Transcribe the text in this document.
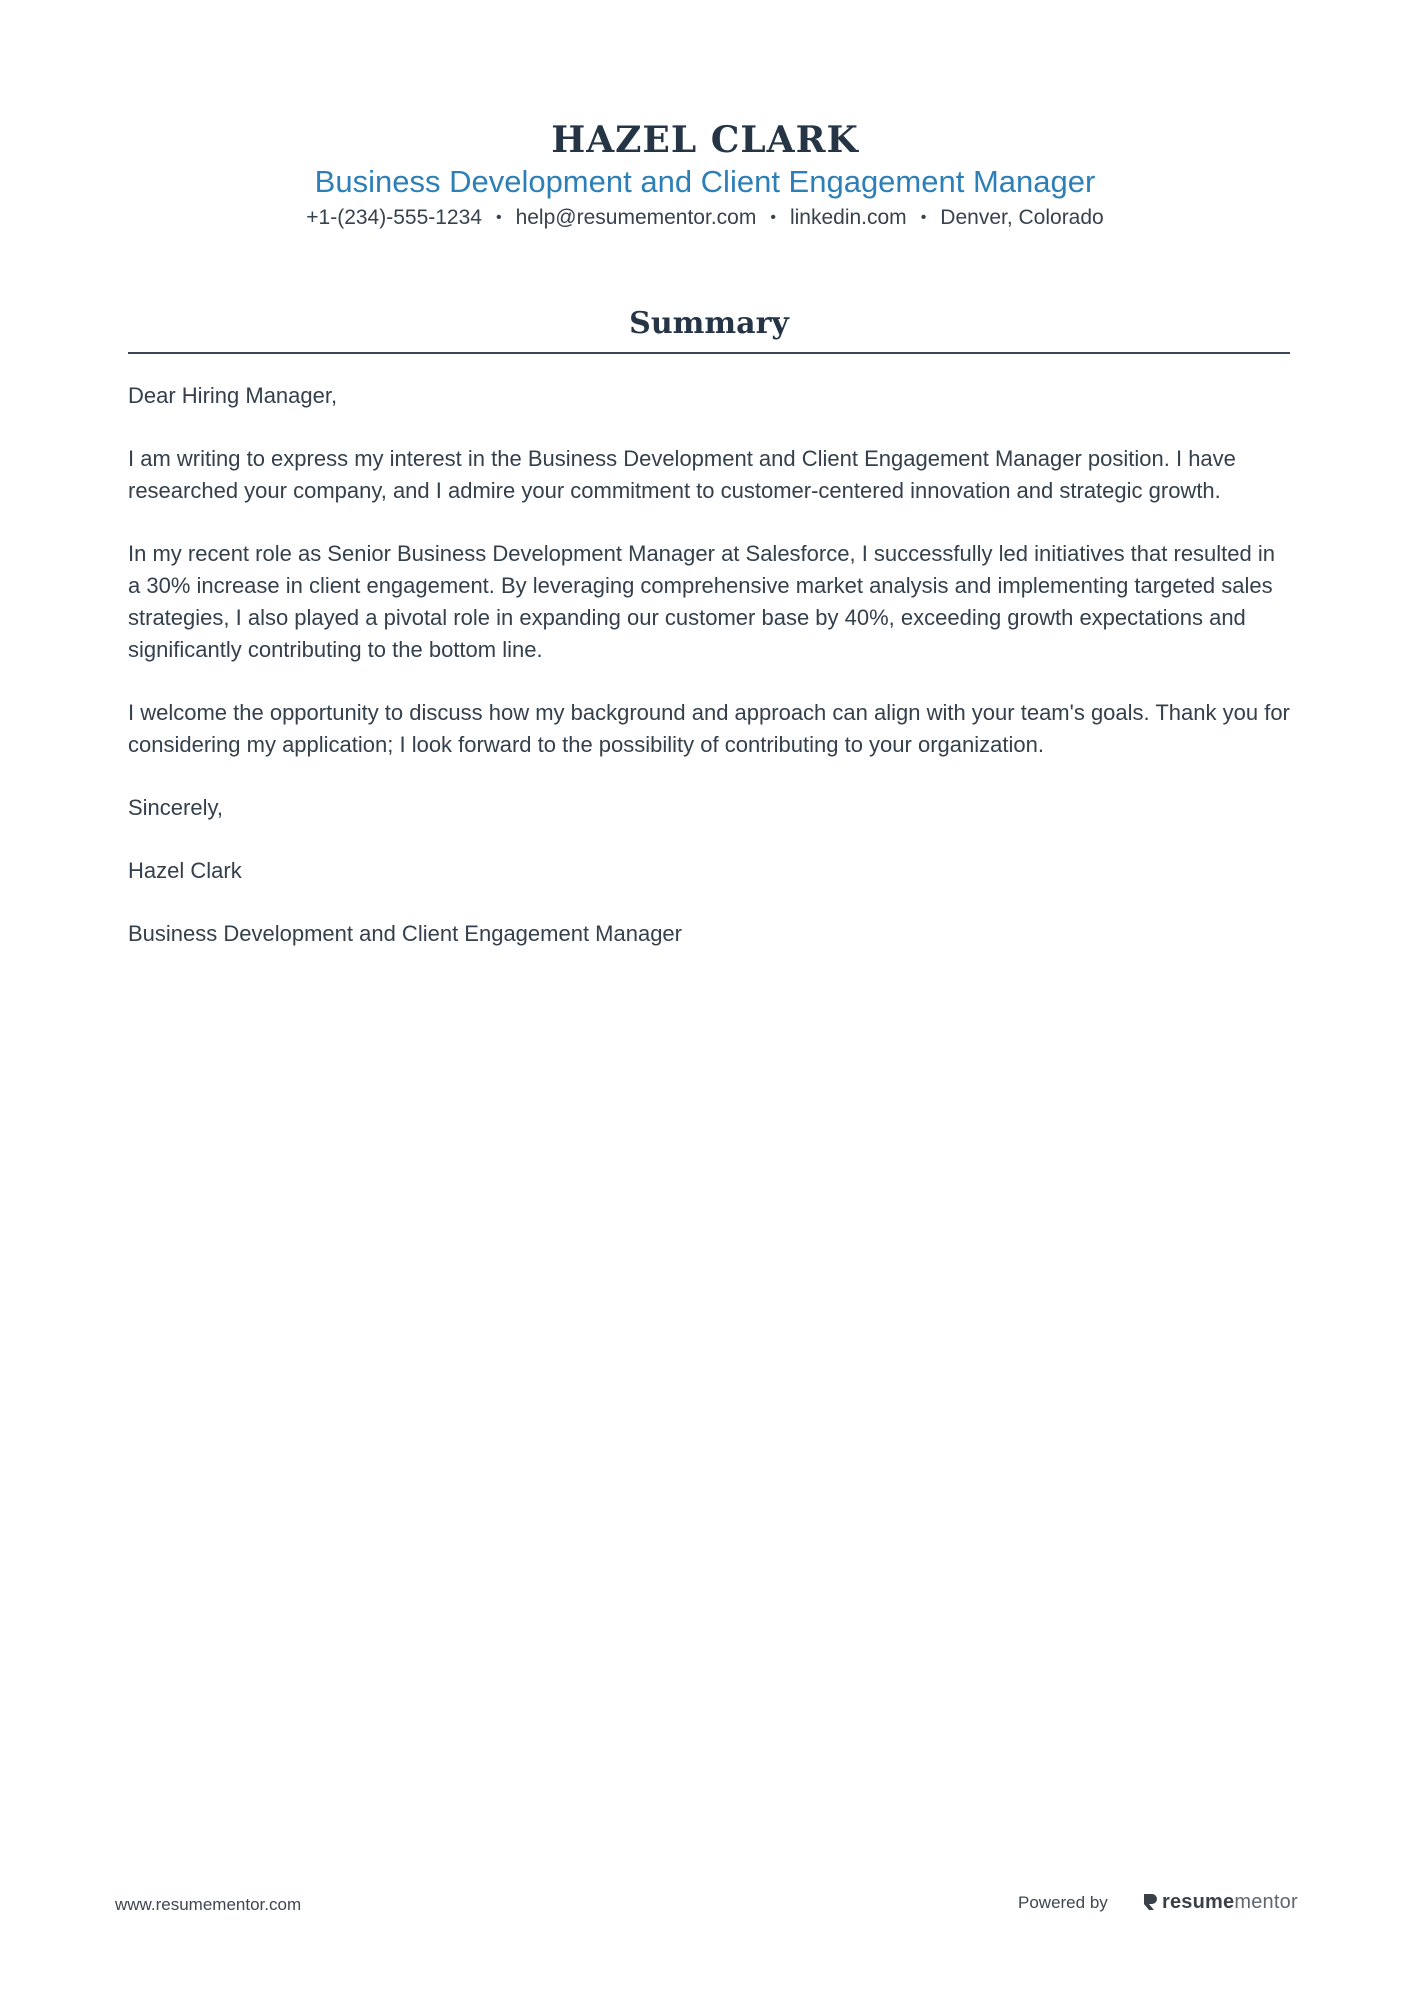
HAZEL CLARK
Business Development and Client Engagement Manager
+1-(234)-555-1234 • help@resumementor.com • linkedin.com • Denver, Colorado
Summary

Dear Hiring Manager,

I am writing to express my interest in the Business Development and Client Engagement Manager position. I have researched your company, and I admire your commitment to customer-centered innovation and strategic growth.

In my recent role as Senior Business Development Manager at Salesforce, I successfully led initiatives that resulted in a 30% increase in client engagement. By leveraging comprehensive market analysis and implementing targeted sales strategies, I also played a pivotal role in expanding our customer base by 40%, exceeding growth expectations and significantly contributing to the bottom line.

I welcome the opportunity to discuss how my background and approach can align with your team's goals. Thank you for considering my application; I look forward to the possibility of contributing to your organization.

Sincerely,

Hazel Clark

Business Development and Client Engagement Manager

www.resumementor.com	Powered by	resumementor
